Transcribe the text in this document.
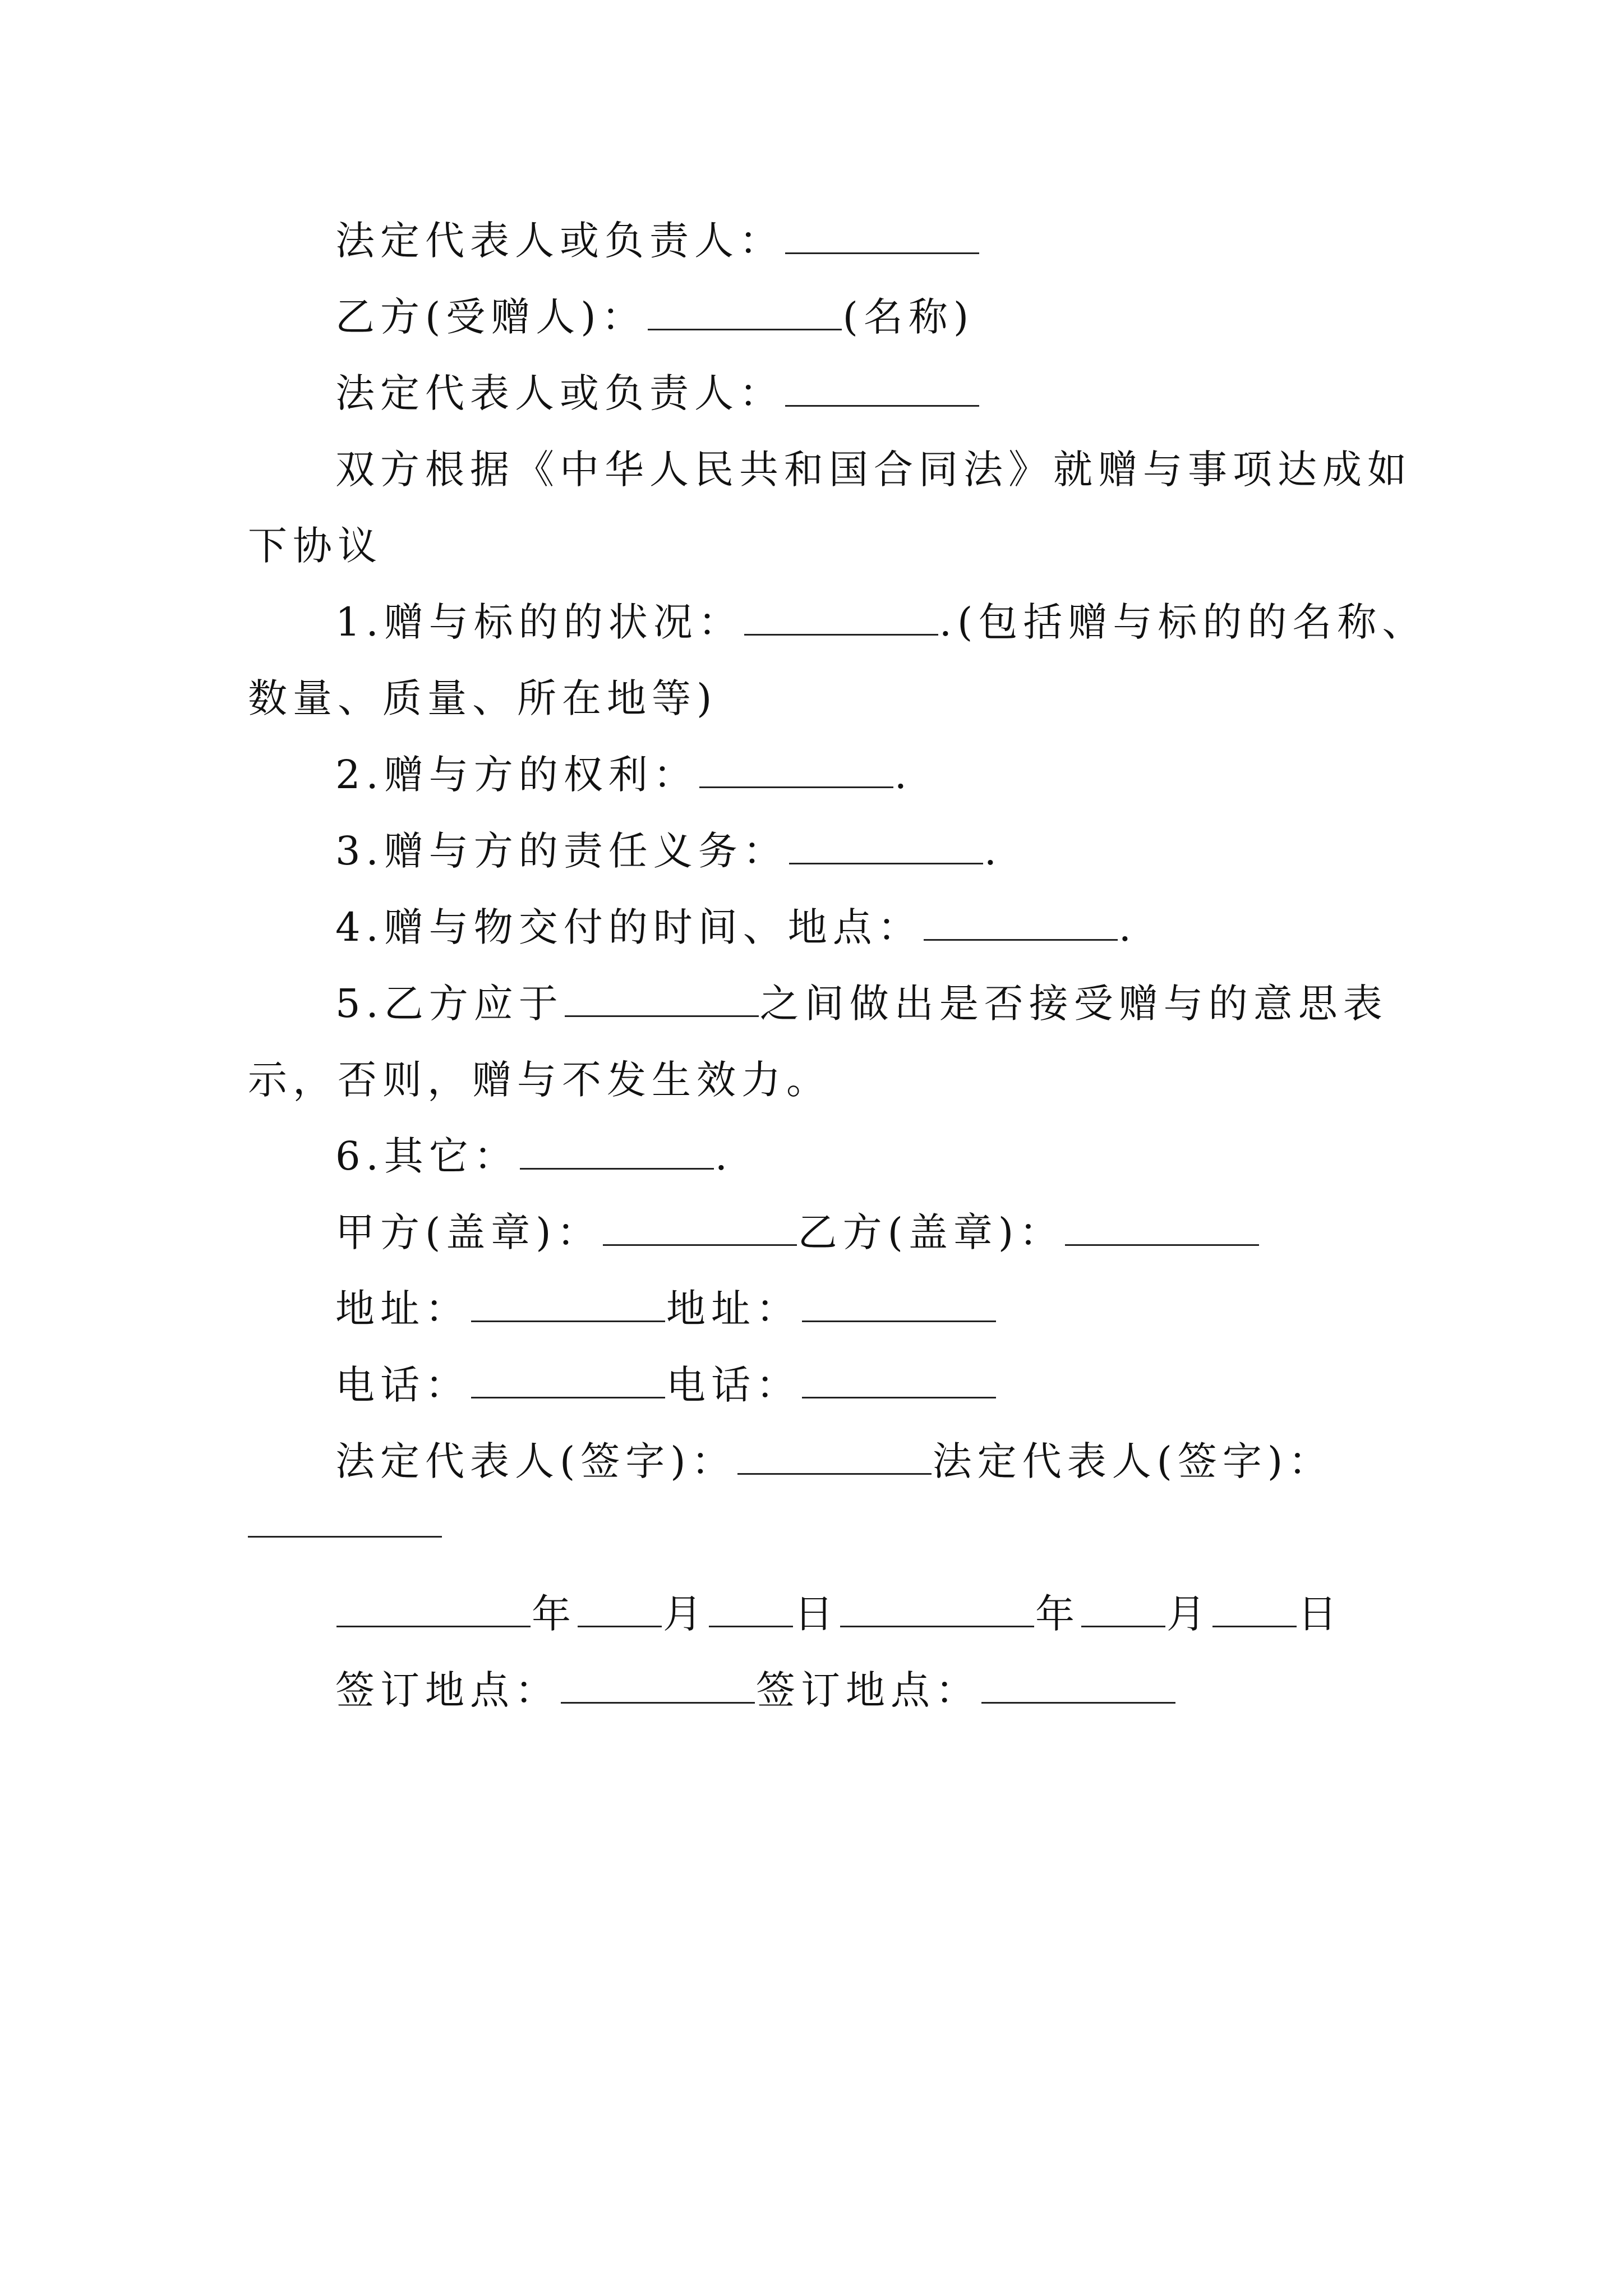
法定代表人或负责人：
乙方(受赠人)：	(名称)
法定代表人或负责人：
双方根据《中华人民共和国合同法》就赠与事项达成如
下协议
1.赠与标的的状况：	.(包括赠与标的的名称、
数量、质量、所在地等)
2.赠与方的权利：	.
3.赠与方的责任义务：	.
4.赠与物交付的时间、地点：	.
5.乙方应于	之间做出是否接受赠与的意思表
示，否则，赠与不发生效力。
6.其它：	.
甲方(盖章)：	乙方(盖章)：
地址：	地址：
电话：	电话：
法定代表人(签字)：	法定代表人(签字)：
年 月 日	年 月 日
签订地点：	签订地点：
